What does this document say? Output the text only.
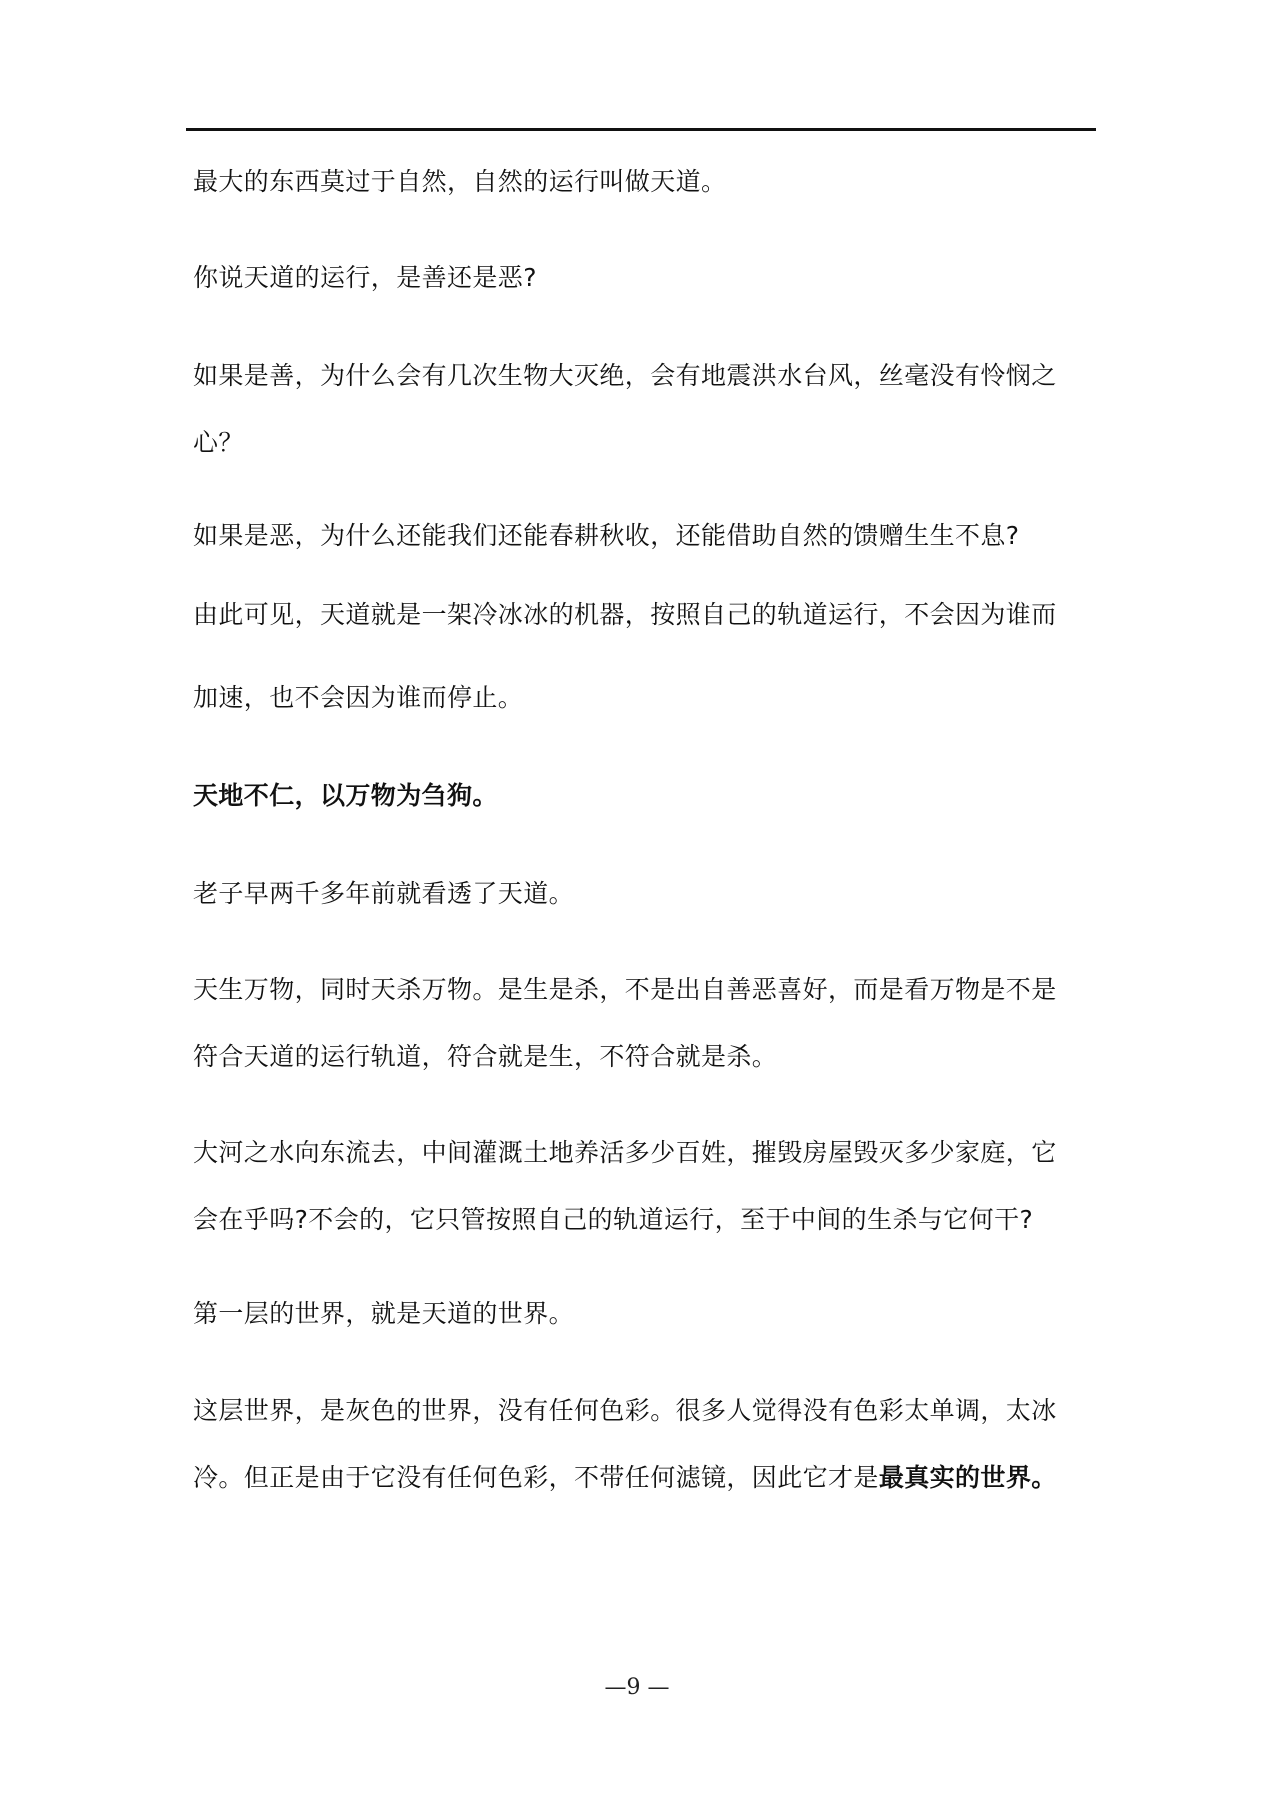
最大的东西莫过于自然，自然的运行叫做天道。

你说天道的运行，是善还是恶?

如果是善，为什么会有几次生物大灭绝，会有地震洪水台风，丝毫没有怜悯之

心？

如果是恶，为什么还能我们还能春耕秋收，还能借助自然的馈赠生生不息?

由此可见，天道就是一架冷冰冰的机器，按照自己的轨道运行，不会因为谁而

加速，也不会因为谁而停止。

天地不仁，以万物为刍狗。

老子早两千多年前就看透了天道。

天生万物，同时天杀万物。是生是杀，不是出自善恶喜好，而是看万物是不是

符合天道的运行轨道，符合就是生，不符合就是杀。

大河之水向东流去，中间灌溉土地养活多少百姓，摧毁房屋毁灭多少家庭，它

会在乎吗?不会的，它只管按照自己的轨道运行，至于中间的生杀与它何干?

第一层的世界，就是天道的世界。

这层世界，是灰色的世界，没有任何色彩。很多人觉得没有色彩太单调，太冰

冷。但正是由于它没有任何色彩，不带任何滤镜，因此它才是最真实的世界。

—9 —
